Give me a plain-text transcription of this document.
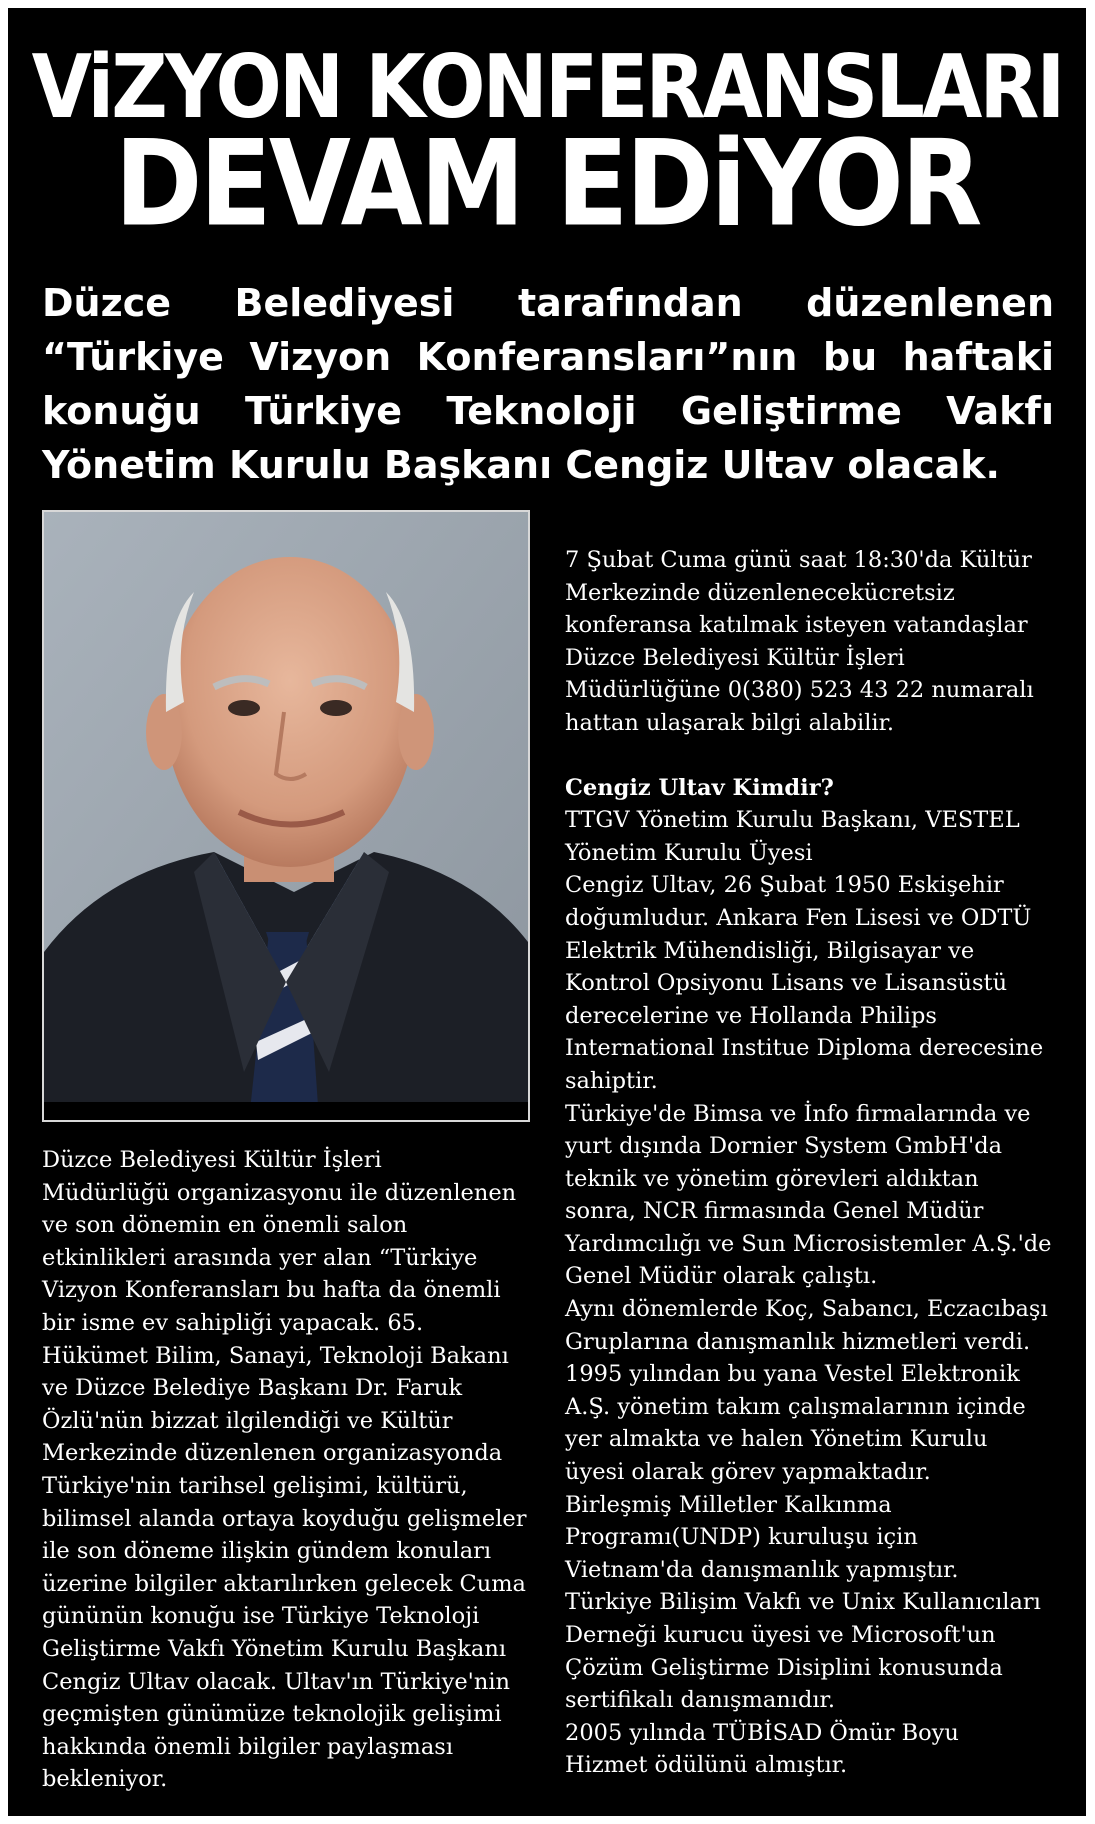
ViZYON KONFERANSLARI
DEVAM EDiYOR

Düzce Belediyesi tarafından düzenlenen
“Türkiye Vizyon Konferansları”nın bu haftaki
konuğu Türkiye Teknoloji Geliştirme Vakfı
Yönetim Kurulu Başkanı Cengiz Ultav olacak.

Düzce Belediyesi Kültür İşleri
Müdürlüğü organizasyonu ile düzenlenen
ve son dönemin en önemli salon
etkinlikleri arasında yer alan “Türkiye
Vizyon Konferansları bu hafta da önemli
bir isme ev sahipliği yapacak. 65.
Hükümet Bilim, Sanayi, Teknoloji Bakanı
ve Düzce Belediye Başkanı Dr. Faruk
Özlü'nün bizzat ilgilendiği ve Kültür
Merkezinde düzenlenen organizasyonda
Türkiye'nin tarihsel gelişimi, kültürü,
bilimsel alanda ortaya koyduğu gelişmeler
ile son döneme ilişkin gündem konuları
üzerine bilgiler aktarılırken gelecek Cuma
gününün konuğu ise Türkiye Teknoloji
Geliştirme Vakfı Yönetim Kurulu Başkanı
Cengiz Ultav olacak. Ultav'ın Türkiye'nin
geçmişten günümüze teknolojik gelişimi
hakkında önemli bilgiler paylaşması
bekleniyor.
7 Şubat Cuma günü saat 18:30'da Kültür
Merkezinde düzenlenecekücretsiz
konferansa katılmak isteyen vatandaşlar
Düzce Belediyesi Kültür İşleri
Müdürlüğüne 0(380) 523 43 22 numaralı
hattan ulaşarak bilgi alabilir.
Cengiz Ultav Kimdir?
TTGV Yönetim Kurulu Başkanı, VESTEL
Yönetim Kurulu Üyesi
Cengiz Ultav, 26 Şubat 1950 Eskişehir
doğumludur. Ankara Fen Lisesi ve ODTÜ
Elektrik Mühendisliği, Bilgisayar ve
Kontrol Opsiyonu Lisans ve Lisansüstü
derecelerine ve Hollanda Philips
International Institue Diploma derecesine
sahiptir.
Türkiye'de Bimsa ve İnfo firmalarında ve
yurt dışında Dornier System GmbH'da
teknik ve yönetim görevleri aldıktan
sonra, NCR firmasında Genel Müdür
Yardımcılığı ve Sun Microsistemler A.Ş.'de
Genel Müdür olarak çalıştı.
Aynı dönemlerde Koç, Sabancı, Eczacıbaşı
Gruplarına danışmanlık hizmetleri verdi.
1995 yılından bu yana Vestel Elektronik
A.Ş. yönetim takım çalışmalarının içinde
yer almakta ve halen Yönetim Kurulu
üyesi olarak görev yapmaktadır.
Birleşmiş Milletler Kalkınma
Programı(UNDP) kuruluşu için
Vietnam'da danışmanlık yapmıştır.
Türkiye Bilişim Vakfı ve Unix Kullanıcıları
Derneği kurucu üyesi ve Microsoft'un
Çözüm Geliştirme Disiplini konusunda
sertifikalı danışmanıdır.
2005 yılında TÜBİSAD Ömür Boyu
Hizmet ödülünü almıştır.
